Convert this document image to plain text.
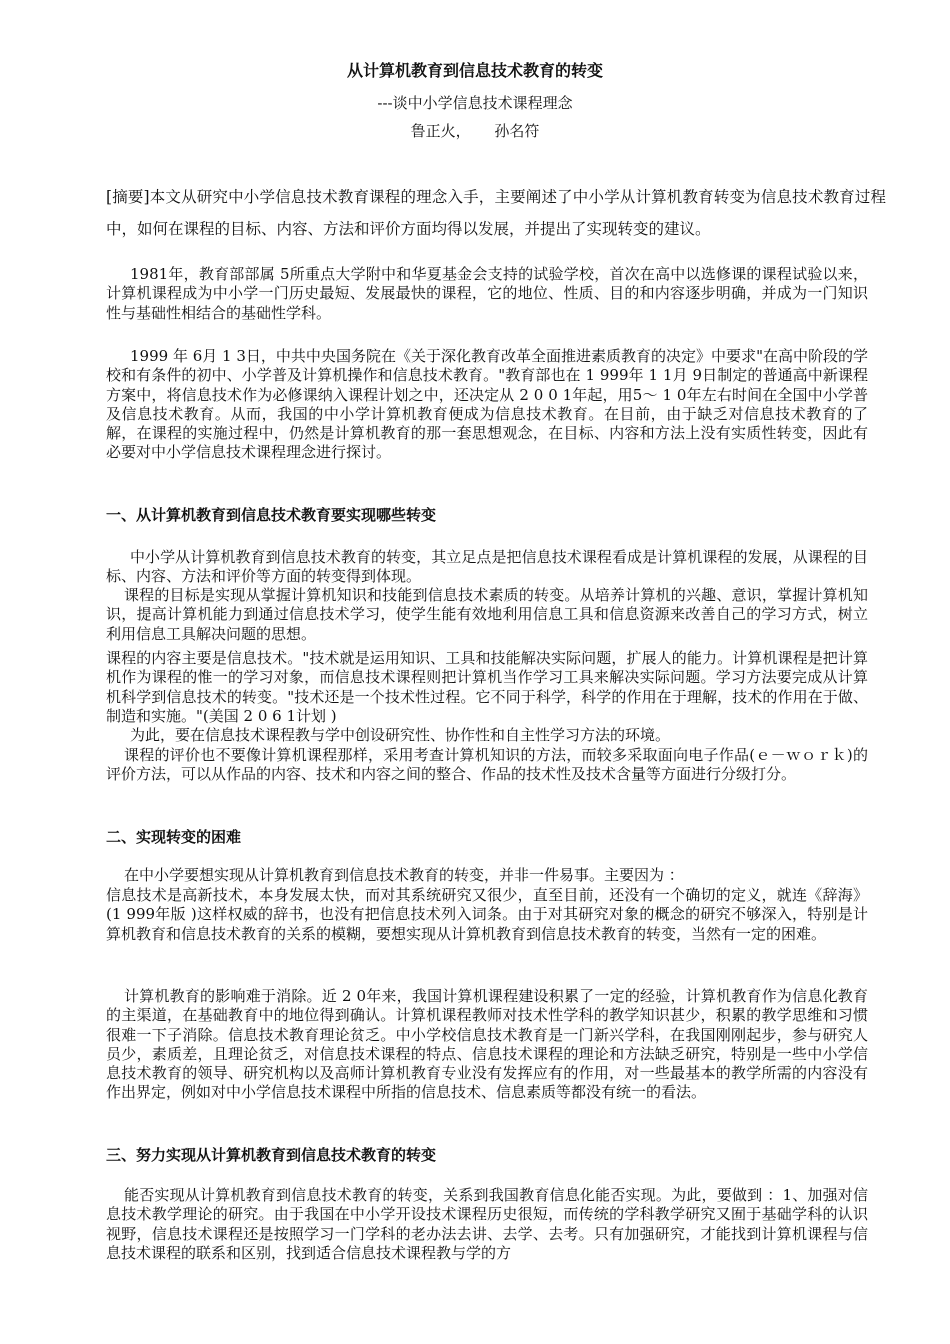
从计算机教育到信息技术教育的转变
---谈中小学信息技术课程理念
鲁正火，     孙名符

[摘要]本文从研究中小学信息技术教育课程的理念入手，主要阐述了中小学从计算机教育转变为信息技术教育过程中，如何在课程的目标、内容、方法和评价方面均得以发展，并提出了实现转变的建议。

1981年，教育部部属 5所重点大学附中和华夏基金会支持的试验学校，首次在高中以选修课的课程试验以来，计算机课程成为中小学一门历史最短、发展最快的课程，它的地位、性质、目的和内容逐步明确，并成为一门知识性与基础性相结合的基础性学科。

1999 年 6月 1 3日，中共中央国务院在《关于深化教育改革全面推进素质教育的决定》中要求"在高中阶段的学校和有条件的初中、小学普及计算机操作和信息技术教育。"教育部也在 1 999年 1 1月 9日制定的普通高中新课程方案中，将信息技术作为必修课纳入课程计划之中，还决定从 2 0 0 1年起，用5～ 1 0年左右时间在全国中小学普及信息技术教育。从而，我国的中小学计算机教育便成为信息技术教育。在目前，由于缺乏对信息技术教育的了解，在课程的实施过程中，仍然是计算机教育的那一套思想观念，在目标、内容和方法上没有实质性转变，因此有必要对中小学信息技术课程理念进行探讨。

一、从计算机教育到信息技术教育要实现哪些转变

中小学从计算机教育到信息技术教育的转变，其立足点是把信息技术课程看成是计算机课程的发展，从课程的目标、内容、方法和评价等方面的转变得到体现。

课程的目标是实现从掌握计算机知识和技能到信息技术素质的转变。从培养计算机的兴趣、意识，掌握计算机知识，提高计算机能力到通过信息技术学习，使学生能有效地利用信息工具和信息资源来改善自己的学习方式，树立利用信息工具解决问题的思想。

课程的内容主要是信息技术。"技术就是运用知识、工具和技能解决实际问题，扩展人的能力。计算机课程是把计算机作为课程的惟一的学习对象，而信息技术课程则把计算机当作学习工具来解决实际问题。学习方法要完成从计算机科学到信息技术的转变。"技术还是一个技术性过程。它不同于科学，科学的作用在于理解，技术的作用在于做、制造和实施。"(美国 2 0 6 1计划 )

为此，要在信息技术课程教与学中创设研究性、协作性和自主性学习方法的环境。

课程的评价也不要像计算机课程那样，采用考查计算机知识的方法，而较多采取面向电子作品(ｅ－ｗｏｒｋ)的评价方法，可以从作品的内容、技术和内容之间的整合、作品的技术性及技术含量等方面进行分级打分。

二、实现转变的困难

在中小学要想实现从计算机教育到信息技术教育的转变，并非一件易事。主要因为 ：

信息技术是高新技术，本身发展太快，而对其系统研究又很少，直至目前，还没有一个确切的定义，就连《辞海》(1 999年版 )这样权威的辞书，也没有把信息技术列入词条。由于对其研究对象的概念的研究不够深入，特别是计算机教育和信息技术教育的关系的模糊，要想实现从计算机教育到信息技术教育的转变，当然有一定的困难。

计算机教育的影响难于消除。近 2 0年来，我国计算机课程建设积累了一定的经验，计算机教育作为信息化教育的主渠道，在基础教育中的地位得到确认。计算机课程教师对技术性学科的教学知识甚少，积累的教学思维和习惯很难一下子消除。信息技术教育理论贫乏。中小学校信息技术教育是一门新兴学科，在我国刚刚起步，参与研究人员少，素质差，且理论贫乏，对信息技术课程的特点、信息技术课程的理论和方法缺乏研究，特别是一些中小学信息技术教育的领导、研究机构以及高师计算机教育专业没有发挥应有的作用，对一些最基本的教学所需的内容没有作出界定，例如对中小学信息技术课程中所指的信息技术、信息素质等都没有统一的看法。

三、努力实现从计算机教育到信息技术教育的转变

能否实现从计算机教育到信息技术教育的转变，关系到我国教育信息化能否实现。为此，要做到 ：1、加强对信息技术教学理论的研究。由于我国在中小学开设技术课程历史很短，而传统的学科教学研究又囿于基础学科的认识视野，信息技术课程还是按照学习一门学科的老办法去讲、去学、去考。只有加强研究，才能找到计算机课程与信息技术课程的联系和区别，找到适合信息技术课程教与学的方
